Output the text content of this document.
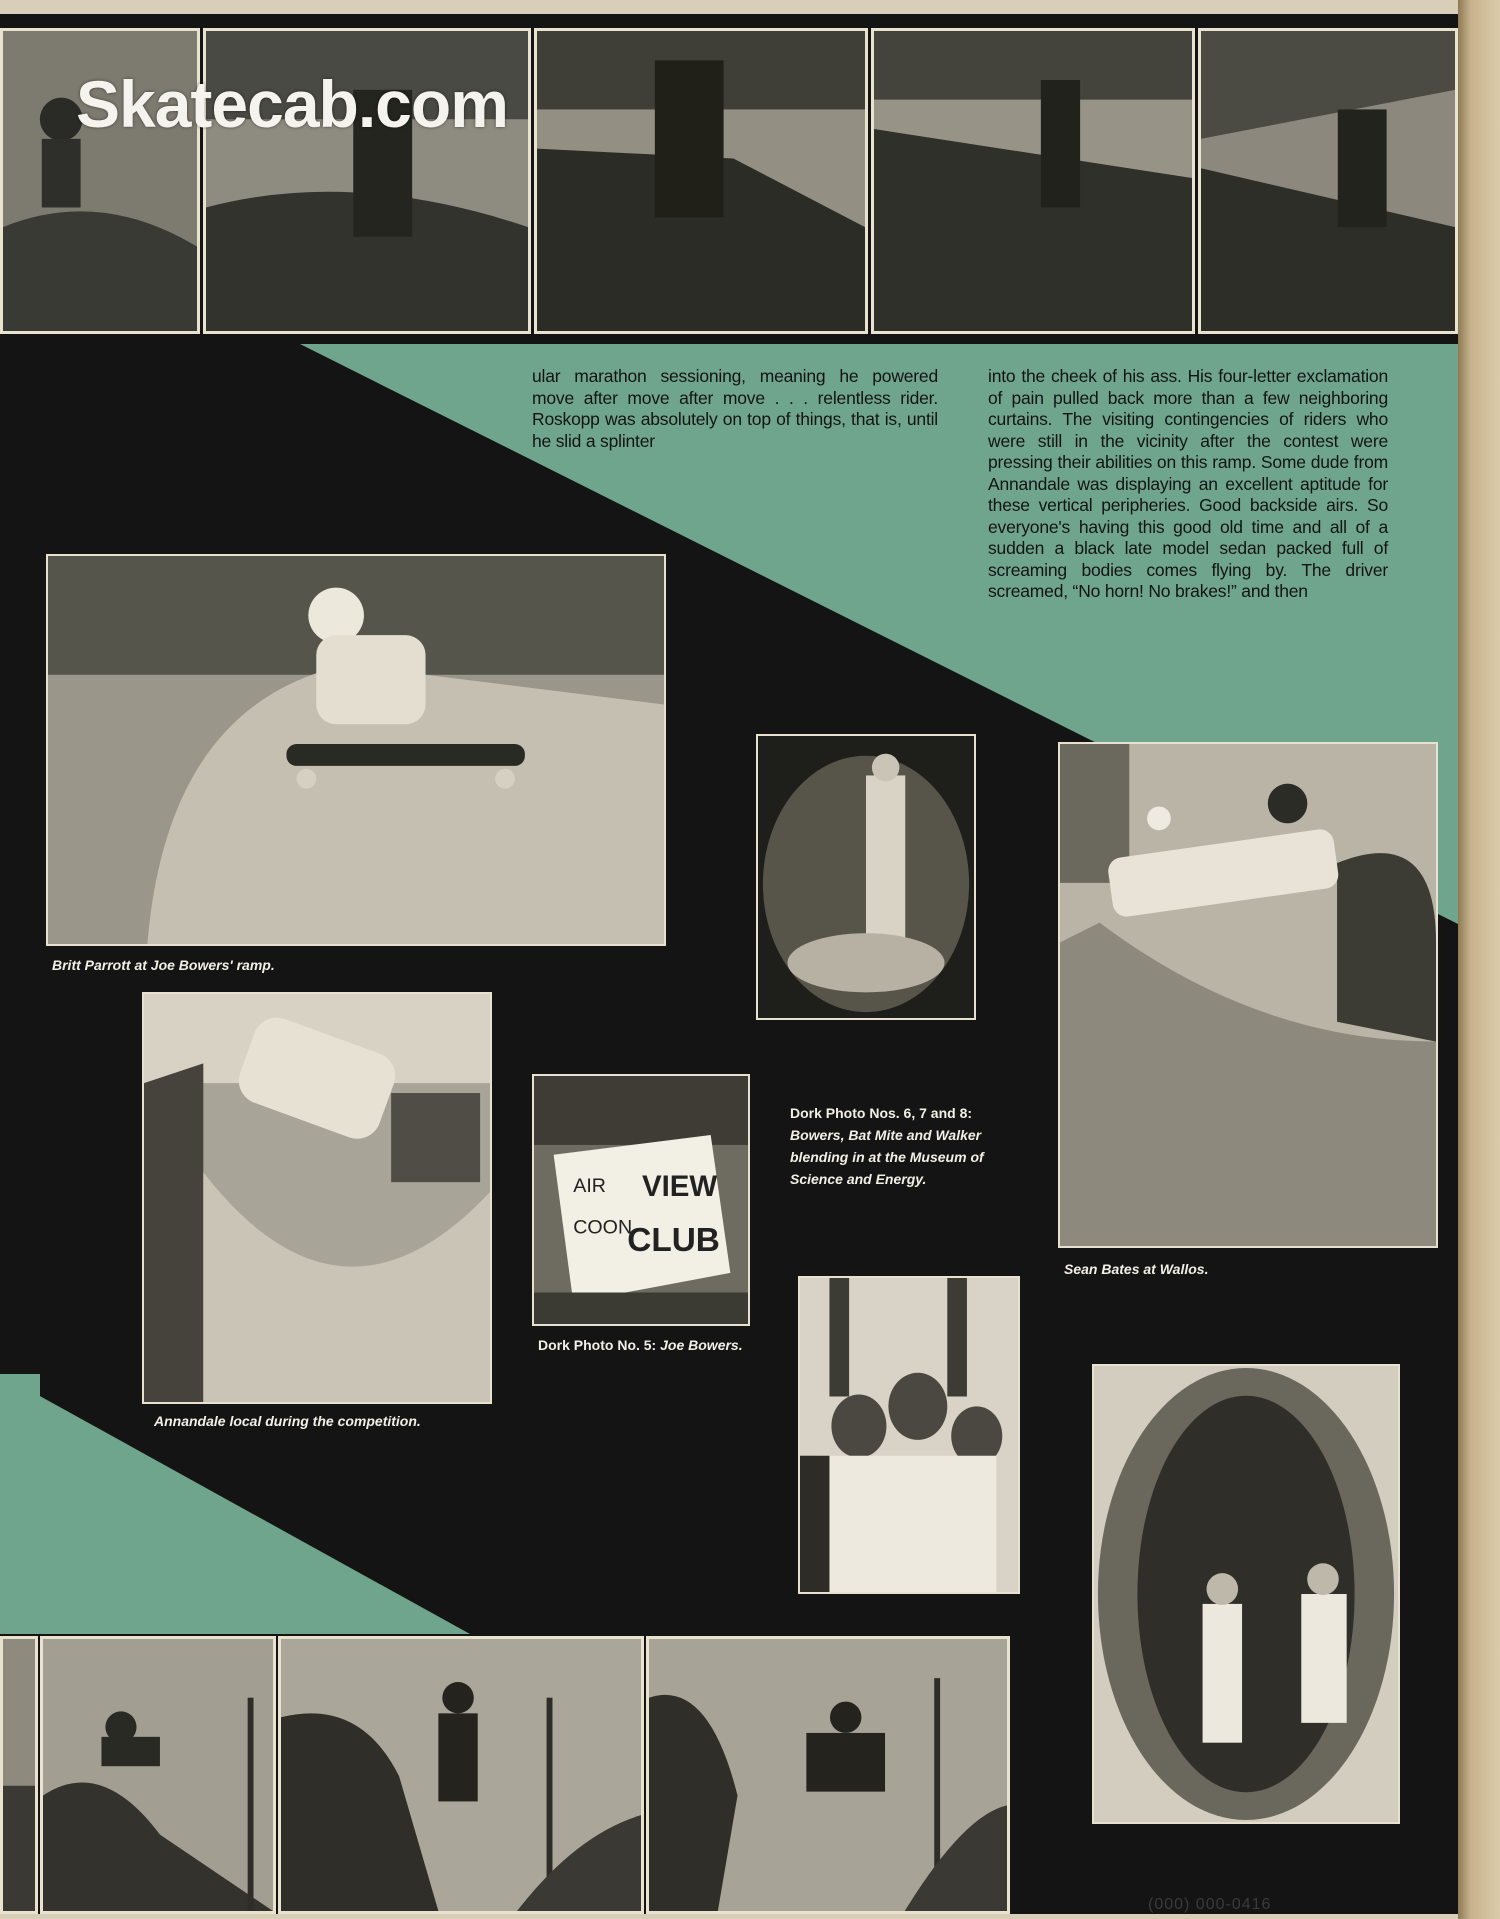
Skatecab.com
ular marathon sessioning, meaning he powered move after move after move . . . relentless rider. Roskopp was absolutely on top of things, that is, until he slid a splinter
into the cheek of his ass. His four-letter exclamation of pain pulled back more than a few neighboring curtains. The visiting contingencies of riders who were still in the vicinity after the contest were pressing their abilities on this ramp. Some dude from Annandale was displaying an excellent aptitude for these vertical peripheries. Good backside airs. So everyone's having this good old time and all of a sudden a black late model sedan packed full of screaming bodies comes flying by. The driver screamed, “No horn! No brakes!” and then
Britt Parrott at Joe Bowers' ramp.
Sean Bates at Wallos.
Annandale local during the competition.
AIR VIEW
COON
CLUB
Dork Photo No. 5: Joe Bowers.
Dork Photo Nos. 6, 7 and 8:
Bowers, Bat Mite and Walker blending in at the Museum of Science and Energy.
(000) 000-0416
